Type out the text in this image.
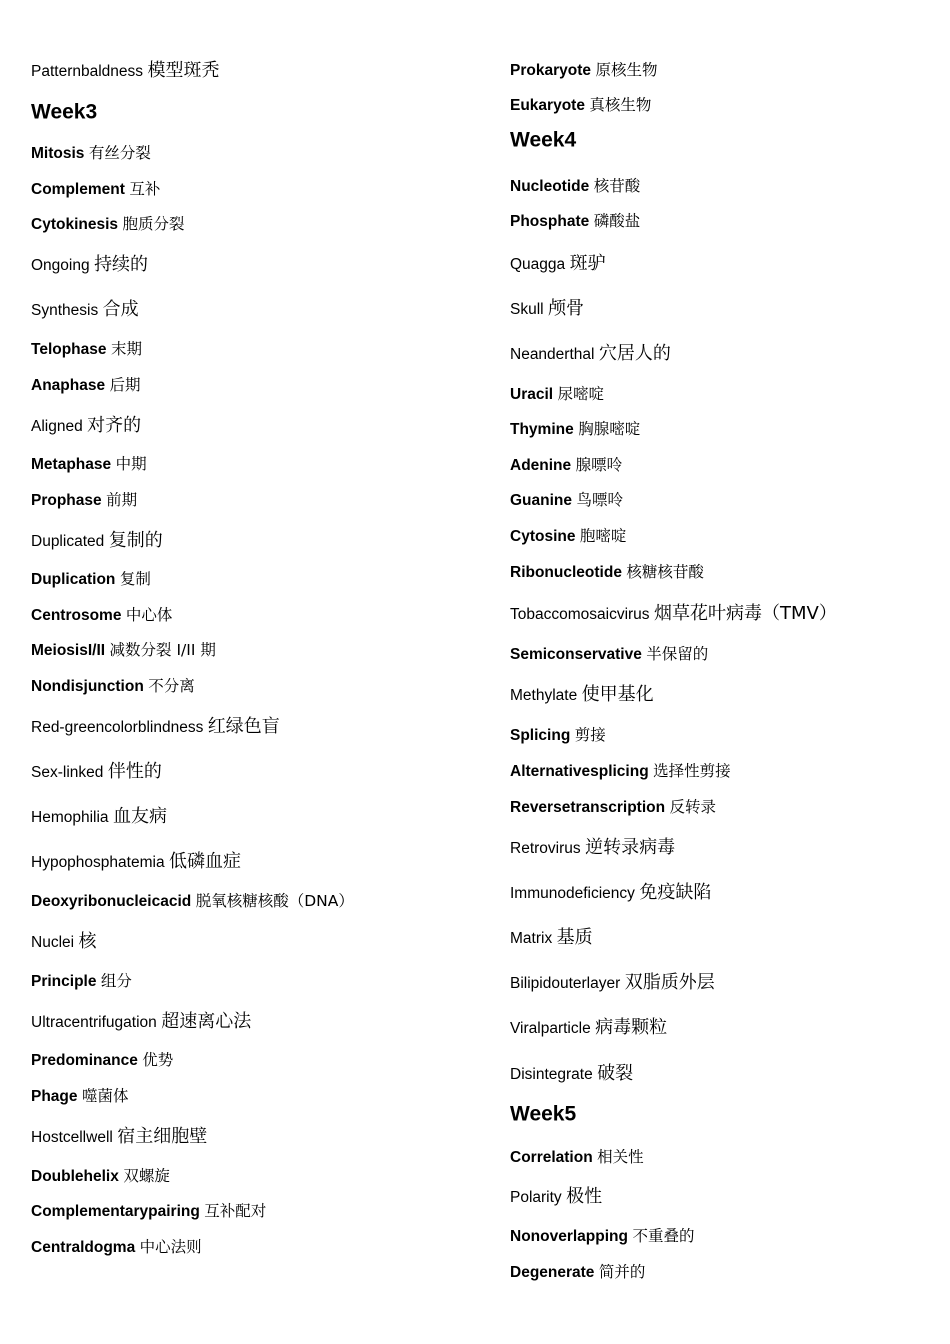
Patternbaldness 模型斑秃
Week3
Mitosis 有丝分裂
Complement 互补
Cytokinesis 胞质分裂
Ongoing 持续的
Synthesis 合成
Telophase 末期
Anaphase 后期
Aligned 对齐的
Metaphase 中期
Prophase 前期
Duplicated 复制的
Duplication 复制
Centrosome 中心体
MeiosisI/II 减数分裂 I/II 期
Nondisjunction 不分离
Red-greencolorblindness 红绿色盲
Sex-linked 伴性的
Hemophilia 血友病
Hypophosphatemia 低磷血症
Deoxyribonucleicacid 脱氧核糖核酸（DNA）
Nuclei 核
Principle 组分
Ultracentrifugation 超速离心法
Predominance 优势
Phage 噬菌体
Hostcellwell 宿主细胞壁
Doublehelix 双螺旋
Complementarypairing 互补配对
Centraldogma 中心法则
Prokaryote 原核生物
Eukaryote 真核生物
Week4
Nucleotide 核苷酸
Phosphate 磷酸盐
Quagga 斑驴
Skull 颅骨
Neanderthal 穴居人的
Uracil 尿嘧啶
Thymine 胸腺嘧啶
Adenine 腺嘌呤
Guanine 鸟嘌呤
Cytosine 胞嘧啶
Ribonucleotide 核糖核苷酸
Tobaccomosaicvirus 烟草花叶病毒（TMV）
Semiconservative 半保留的
Methylate 使甲基化
Splicing 剪接
Alternativesplicing 选择性剪接
Reversetranscription 反转录
Retrovirus 逆转录病毒
Immunodeficiency 免疫缺陷
Matrix 基质
Bilipidouterlayer 双脂质外层
Viralparticle 病毒颗粒
Disintegrate 破裂
Week5
Correlation 相关性
Polarity 极性
Nonoverlapping 不重叠的
Degenerate 简并的
